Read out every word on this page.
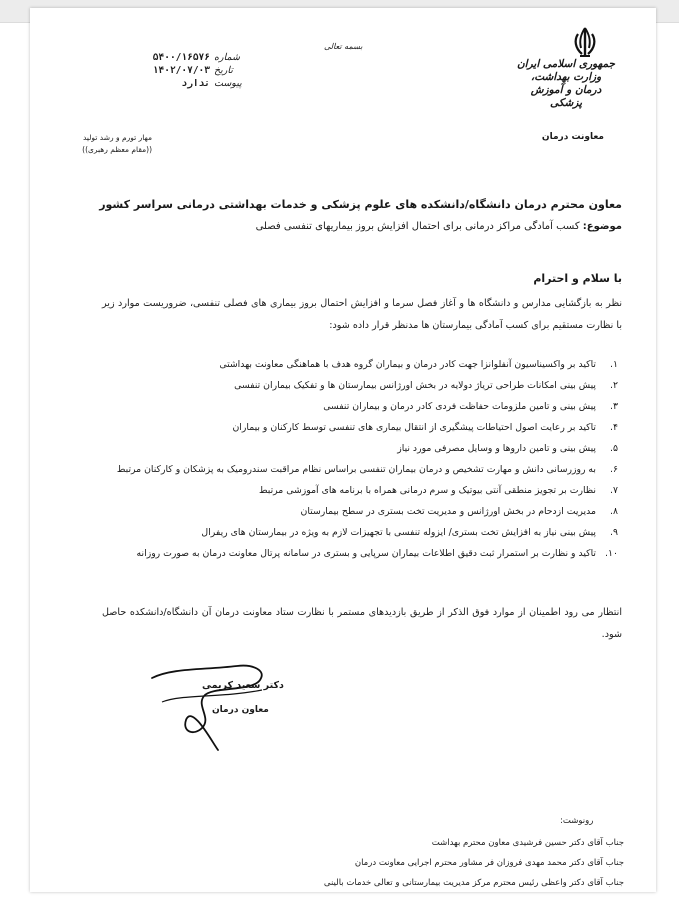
جمهوری اسلامی ایران
وزارت بهداشت، درمان و آموزش پزشکی
معاونت درمان
بسمه تعالی
شماره
۵۴۰۰/۱۶۵۷۶
تاریخ
۱۴۰۲/۰۷/۰۳
پیوست
ندارد
مهار تورم و رشد تولید
((مقام معظم رهبری))
معاون محترم درمان دانشگاه/دانشکده های علوم پزشکی و خدمات بهداشتی درمانی سراسر کشور
موضوع: کسب آمادگی مراکز درمانی برای احتمال افزایش بروز بیماریهای تنفسی فصلی
با سلام و احترام
نظر به بازگشایی مدارس و دانشگاه ها و آغاز فصل سرما و افزایش احتمال بروز بیماری های فصلی تنفسی، ضروریست موارد زیر با نظارت مستقیم برای کسب آمادگی بیمارستان ها مدنظر قرار داده شود:
۱.
تاکید بر واکسیناسیون آنفلوانزا جهت کادر درمان و بیماران گروه هدف با هماهنگی معاونت بهداشتی
۲.
پیش بینی امکانات طراحی ترياژ دولايه در بخش اورژانس بیمارستان ها و تفکیک بیماران تنفسی
۳.
پیش بینی و تامین ملزومات حفاظت فردی کادر درمان و بیماران تنفسی
۴.
تاکید بر رعایت اصول احتیاطات پیشگیری از انتقال بیماری های تنفسی توسط کارکنان و بیماران
۵.
پیش بینی و تامین داروها و وسایل مصرفی مورد نیاز
۶.
به روزرسانی دانش و مهارت تشخیص و درمان بیماران تنفسی براساس نظام مراقبت سندرومیک به پزشکان و کارکنان مرتبط
۷.
نظارت بر تجویز منطقی آنتی بیوتیک و سرم درمانی همراه با برنامه های آموزشی مرتبط
۸.
مدیریت ازدحام در بخش اورژانس و مدیریت تخت بستری در سطح بیمارستان
۹.
پیش بینی نیاز به افزایش تخت بستری/ ایزوله تنفسی با تجهیزات لازم به ویژه در بیمارستان های ریفرال
۱۰.
تاکید و نظارت بر استمرار ثبت دقیق اطلاعات بیماران سرپایی و بستری در سامانه پرتال معاونت درمان به صورت روزانه
انتظار می رود اطمینان از موارد فوق الذکر از طریق بازدیدهای مستمر با نظارت ستاد معاونت درمان آن دانشگاه/دانشکده حاصل شود.
دکتر سعید کریمی
معاون درمان
رونوشت:
جناب آقای دکتر حسین فرشیدی معاون محترم بهداشت
جناب آقای دکتر محمد مهدی فروزان فر مشاور محترم اجرایی معاونت درمان
جناب آقای دکتر واعظی رئیس محترم مرکز مدیریت بیمارستانی و تعالی خدمات بالینی
